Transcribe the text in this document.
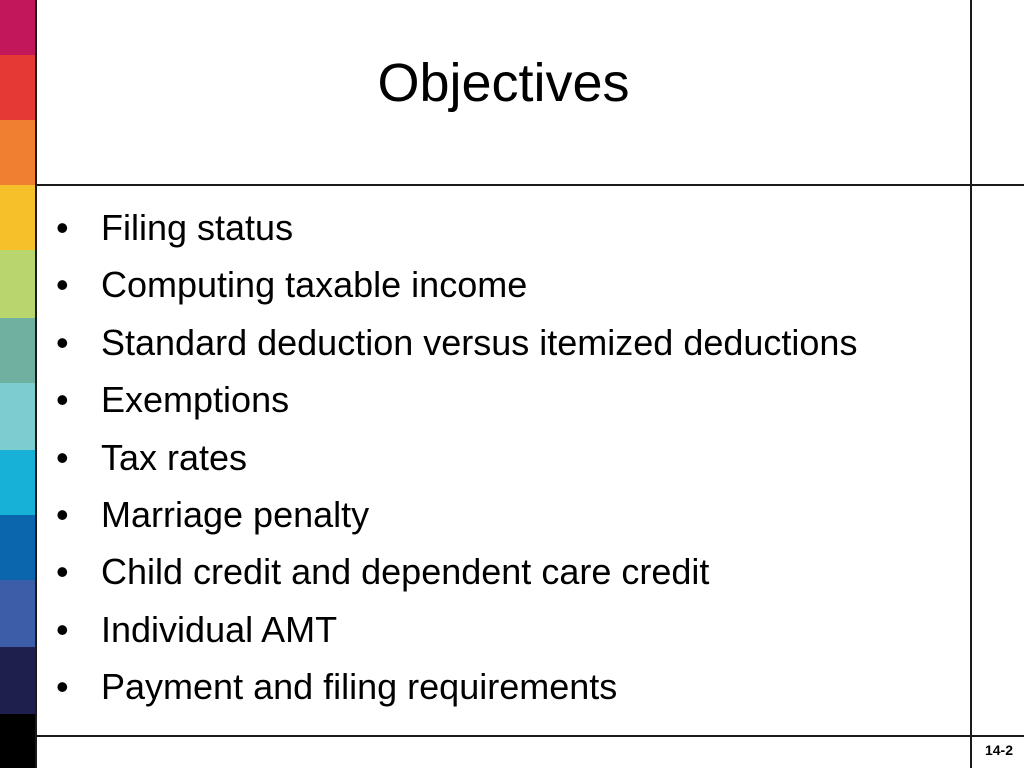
Objectives
• Filing status
• Computing taxable income
• Standard deduction versus itemized deductions
• Exemptions
• Tax rates
• Marriage penalty
• Child credit and dependent care credit
• Individual AMT
• Payment and filing requirements
14-2
